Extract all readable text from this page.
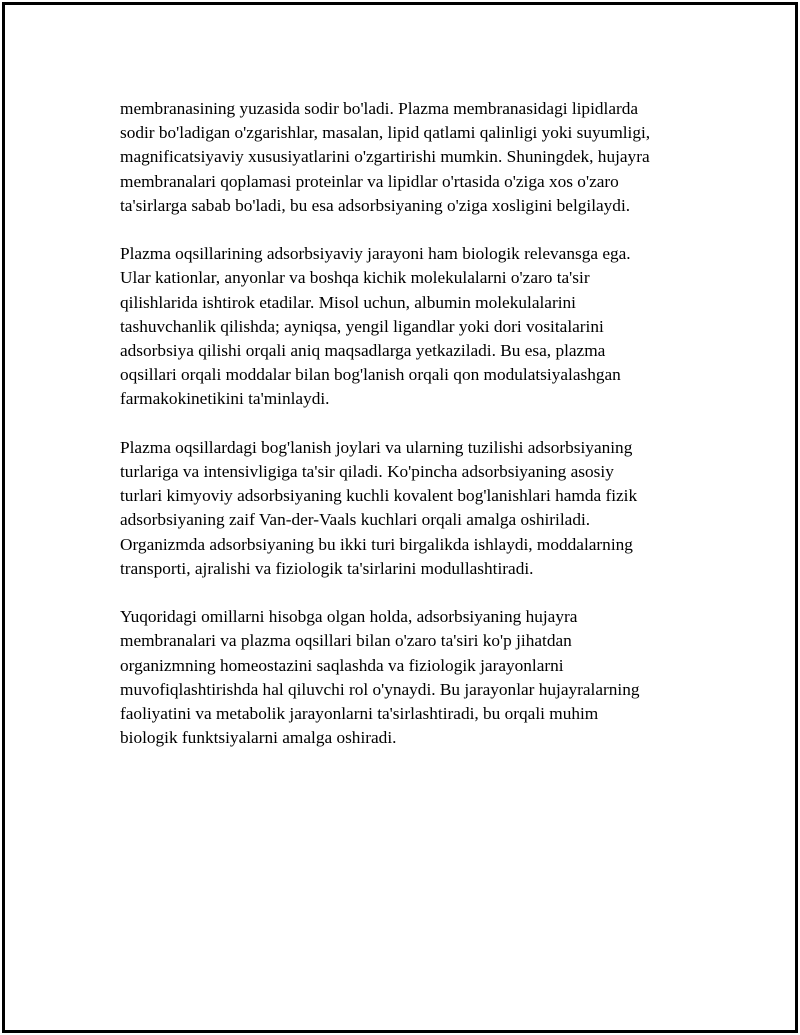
membranasining yuzasida sodir bo'ladi. Plazma membranasidagi lipidlarda
sodir bo'ladigan o'zgarishlar, masalan, lipid qatlami qalinligi yoki suyumligi,
magnificatsiyaviy xususiyatlarini o'zgartirishi mumkin. Shuningdek, hujayra
membranalari qoplamasi proteinlar va lipidlar o'rtasida o'ziga xos o'zaro
ta'sirlarga sabab bo'ladi, bu esa adsorbsiyaning o'ziga xosligini belgilaydi.

Plazma oqsillarining adsorbsiyaviy jarayoni ham biologik relevansga ega.
Ular kationlar, anyonlar va boshqa kichik molekulalarni o'zaro ta'sir
qilishlarida ishtirok etadilar. Misol uchun, albumin molekulalarini
tashuvchanlik qilishda; ayniqsa, yengil ligandlar yoki dori vositalarini
adsorbsiya qilishi orqali aniq maqsadlarga yetkaziladi. Bu esa, plazma
oqsillari orqali moddalar bilan bog'lanish orqali qon modulatsiyalashgan
farmakokinetikini ta'minlaydi.

Plazma oqsillardagi bog'lanish joylari va ularning tuzilishi adsorbsiyaning
turlariga va intensivligiga ta'sir qiladi. Ko'pincha adsorbsiyaning asosiy
turlari kimyoviy adsorbsiyaning kuchli kovalent bog'lanishlari hamda fizik
adsorbsiyaning zaif Van-der-Vaals kuchlari orqali amalga oshiriladi.
Organizmda adsorbsiyaning bu ikki turi birgalikda ishlaydi, moddalarning
transporti, ajralishi va fiziologik ta'sirlarini modullashtiradi.

Yuqoridagi omillarni hisobga olgan holda, adsorbsiyaning hujayra
membranalari va plazma oqsillari bilan o'zaro ta'siri ko'p jihatdan
organizmning homeostazini saqlashda va fiziologik jarayonlarni
muvofiqlashtirishda hal qiluvchi rol o'ynaydi. Bu jarayonlar hujayralarning
faoliyatini va metabolik jarayonlarni ta'sirlashtiradi, bu orqali muhim
biologik funktsiyalarni amalga oshiradi.
